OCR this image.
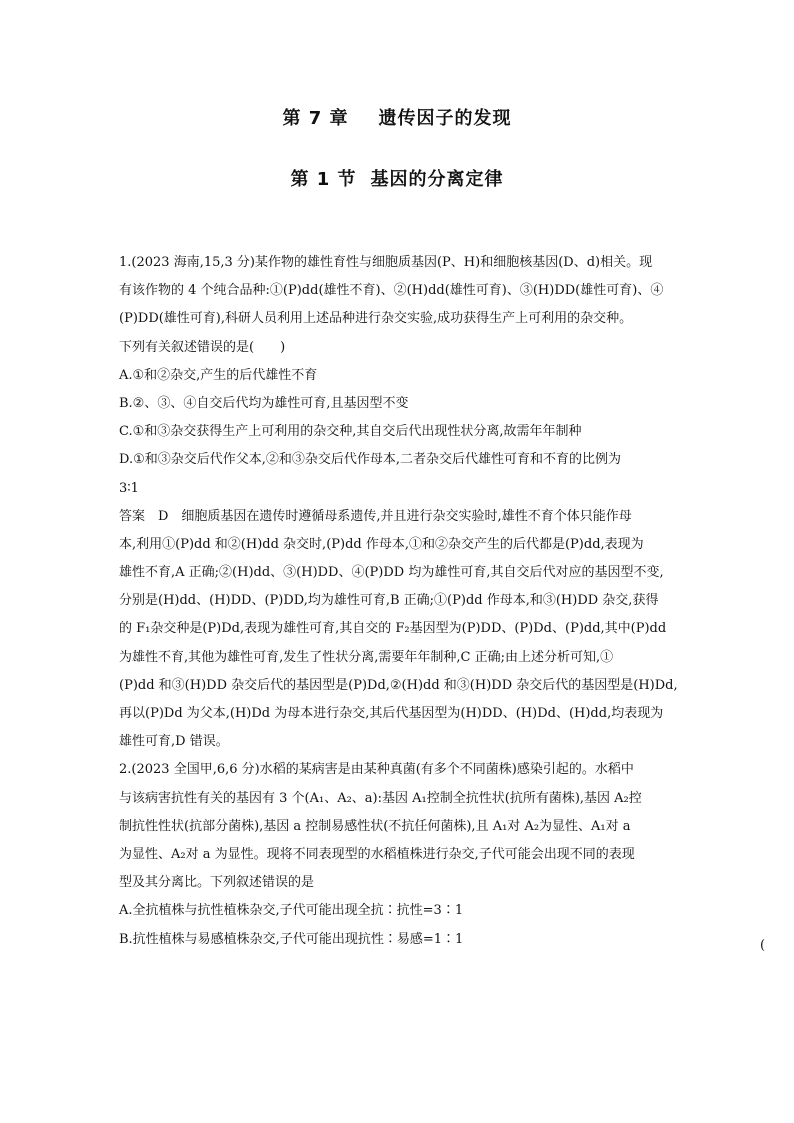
第 7 章 遗传因子的发现
第 1 节 基因的分离定律
1.(2023 海南,15,3 分)某作物的雄性育性与细胞质基因(P、H)和细胞核基因(D、d)相关。现
有该作物的 4 个纯合品种:①(P)dd(雄性不育)、②(H)dd(雄性可育)、③(H)DD(雄性可育)、④
(P)DD(雄性可育),科研人员利用上述品种进行杂交实验,成功获得生产上可利用的杂交种。
下列有关叙述错误的是(　　)
A.①和②杂交,产生的后代雄性不育
B.②、③、④自交后代均为雄性可育,且基因型不变
C.①和③杂交获得生产上可利用的杂交种,其自交后代出现性状分离,故需年年制种
D.①和③杂交后代作父本,②和③杂交后代作母本,二者杂交后代雄性可育和不育的比例为
3∶1
答案　D　细胞质基因在遗传时遵循母系遗传,并且进行杂交实验时,雄性不育个体只能作母
本,利用①(P)dd 和②(H)dd 杂交时,(P)dd 作母本,①和②杂交产生的后代都是(P)dd,表现为
雄性不育,A 正确;②(H)dd、③(H)DD、④(P)DD 均为雄性可育,其自交后代对应的基因型不变,
分别是(H)dd、(H)DD、(P)DD,均为雄性可育,B 正确;①(P)dd 作母本,和③(H)DD 杂交,获得
的 F₁杂交种是(P)Dd,表现为雄性可育,其自交的 F₂基因型为(P)DD、(P)Dd、(P)dd,其中(P)dd
为雄性不育,其他为雄性可育,发生了性状分离,需要年年制种,C 正确;由上述分析可知,①
(P)dd 和③(H)DD 杂交后代的基因型是(P)Dd,②(H)dd 和③(H)DD 杂交后代的基因型是(H)Dd,
再以(P)Dd 为父本,(H)Dd 为母本进行杂交,其后代基因型为(H)DD、(H)Dd、(H)dd,均表现为
雄性可育,D 错误。
2.(2023 全国甲,6,6 分)水稻的某病害是由某种真菌(有多个不同菌株)感染引起的。水稻中
与该病害抗性有关的基因有 3 个(A₁、A₂、a):基因 A₁控制全抗性状(抗所有菌株),基因 A₂控
制抗性性状(抗部分菌株),基因 a 控制易感性状(不抗任何菌株),且 A₁对 A₂为显性、A₁对 a
为显性、A₂对 a 为显性。现将不同表现型的水稻植株进行杂交,子代可能会出现不同的表现
型及其分离比。下列叙述错误的是
A.全抗植株与抗性植株杂交,子代可能出现全抗∶抗性=3∶1
B.抗性植株与易感植株杂交,子代可能出现抗性∶易感=1∶1	(
